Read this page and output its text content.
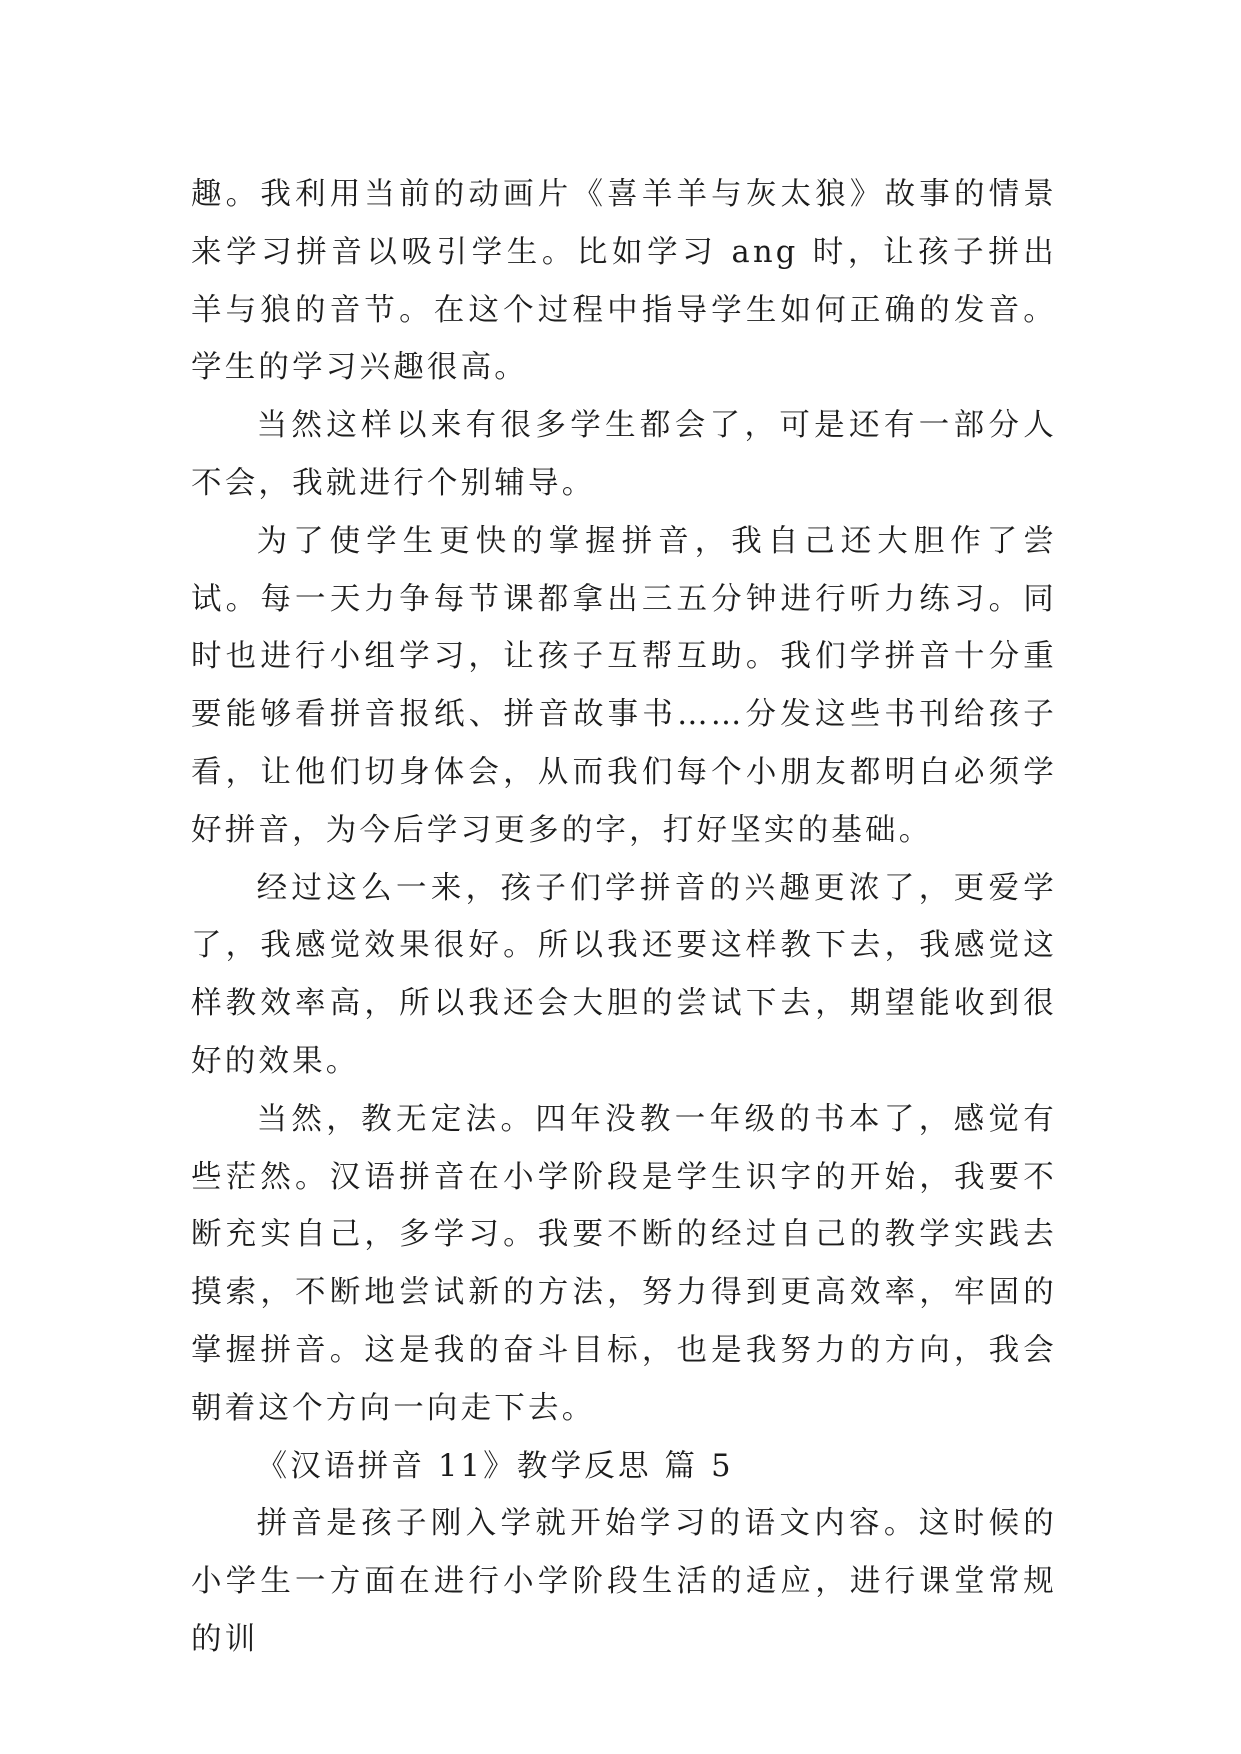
趣。我利用当前的动画片《喜羊羊与灰太狼》故事的情景来学习拼音以吸引学生。比如学习 ang 时，让孩子拼出羊与狼的音节。在这个过程中指导学生如何正确的发音。学生的学习兴趣很高。

当然这样以来有很多学生都会了，可是还有一部分人不会，我就进行个别辅导。

为了使学生更快的掌握拼音，我自己还大胆作了尝试。每一天力争每节课都拿出三五分钟进行听力练习。同时也进行小组学习，让孩子互帮互助。我们学拼音十分重要能够看拼音报纸、拼音故事书……分发这些书刊给孩子看，让他们切身体会，从而我们每个小朋友都明白必须学好拼音，为今后学习更多的字，打好坚实的基础。

经过这么一来，孩子们学拼音的兴趣更浓了，更爱学了，我感觉效果很好。所以我还要这样教下去，我感觉这样教效率高，所以我还会大胆的尝试下去，期望能收到很好的效果。

当然，教无定法。四年没教一年级的书本了，感觉有些茫然。汉语拼音在小学阶段是学生识字的开始，我要不断充实自己，多学习。我要不断的经过自己的教学实践去摸索，不断地尝试新的方法，努力得到更高效率，牢固的掌握拼音。这是我的奋斗目标，也是我努力的方向，我会朝着这个方向一向走下去。

《汉语拼音 11》教学反思 篇 5

拼音是孩子刚入学就开始学习的语文内容。这时候的小学生一方面在进行小学阶段生活的适应，进行课堂常规的训
